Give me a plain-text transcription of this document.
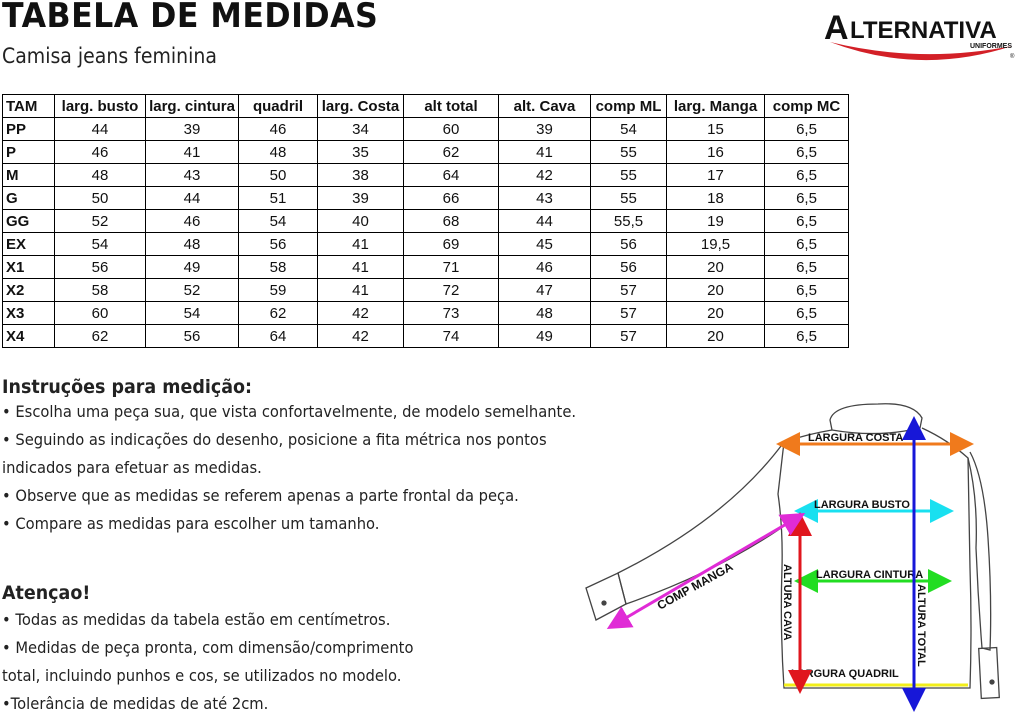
TABELA DE MEDIDAS
Camisa jeans feminina
A LTERNATIVA
UNIFORMES
®
TAM	larg. busto	larg. cintura	quadril	larg. Costa	alt total	alt. Cava	comp ML	larg. Manga	comp MC
PP	44	39	46	34	60	39	54	15	6,5
P	46	41	48	35	62	41	55	16	6,5
M	48	43	50	38	64	42	55	17	6,5
G	50	44	51	39	66	43	55	18	6,5
GG	52	46	54	40	68	44	55,5	19	6,5
EX	54	48	56	41	69	45	56	19,5	6,5
X1	56	49	58	41	71	46	56	20	6,5
X2	58	52	59	41	72	47	57	20	6,5
X3	60	54	62	42	73	48	57	20	6,5
X4	62	56	64	42	74	49	57	20	6,5
Instruções para medição:

• Escolha uma peça sua, que vista confortavelmente, de modelo semelhante.

• Seguindo as indicações do desenho, posicione a fita métrica nos pontos

indicados para efetuar as medidas.

• Observe que as medidas se referem apenas a parte frontal da peça.

• Compare as medidas para escolher um tamanho.

Atençao!

• Todas as medidas da tabela estão em centímetros.

• Medidas de peça pronta, com dimensão/comprimento

total, incluindo punhos e cos, se utilizados no modelo.

•Tolerância de medidas de até 2cm.

LARGURA COSTA
LARGURA BUSTO
LARGURA CINTURA
LARGURA QUADRIL
ALTURA TOTAL
ALTURA CAVA
COMP MANGA
